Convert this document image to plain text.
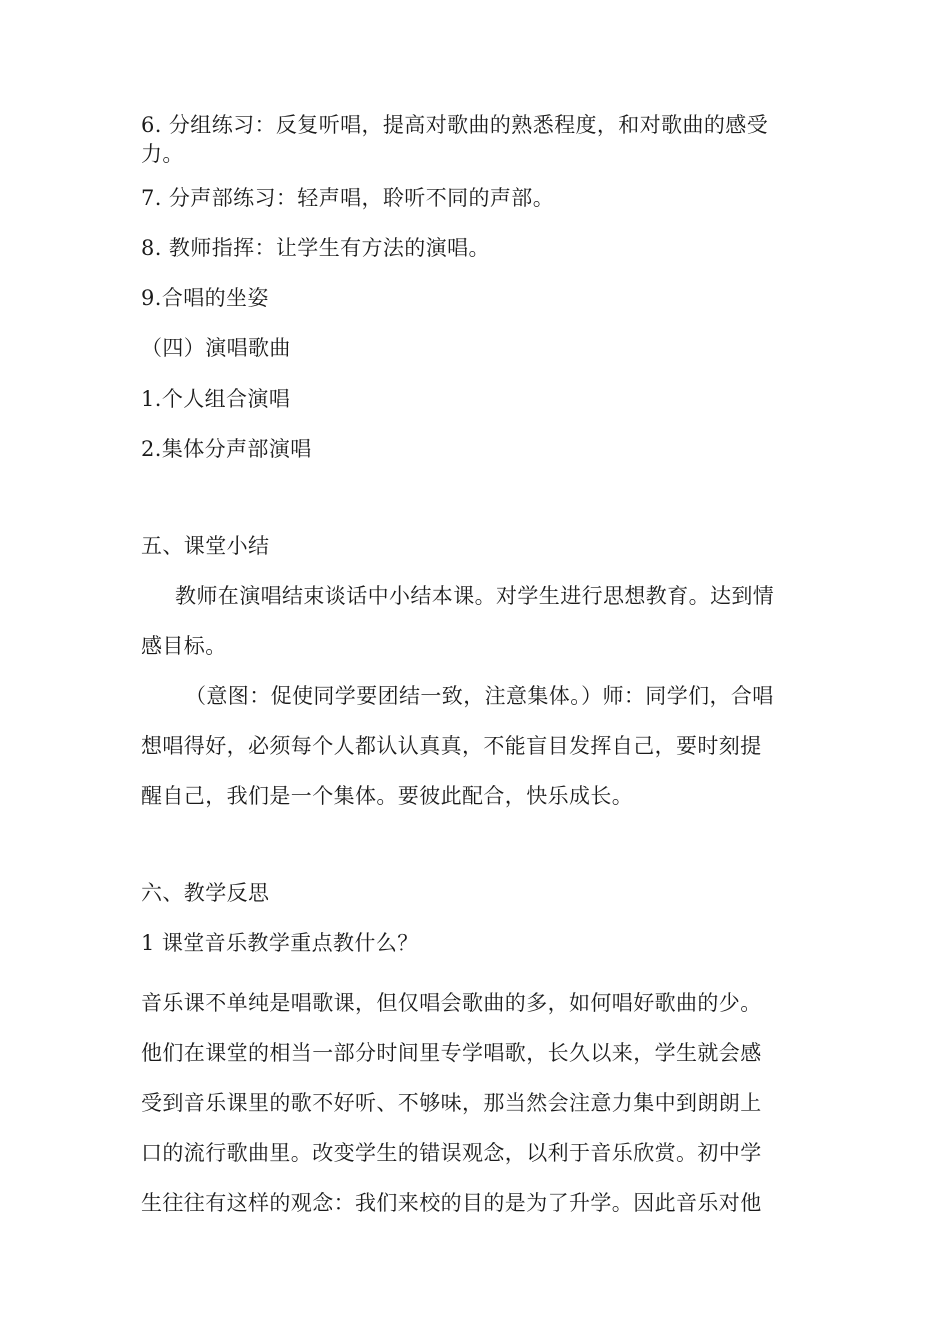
6. 分组练习：反复听唱，提高对歌曲的熟悉程度，和对歌曲的感受
力。
7. 分声部练习：轻声唱，聆听不同的声部。
8. 教师指挥：让学生有方法的演唱。
9.合唱的坐姿
（四）演唱歌曲
1.个人组合演唱
2.集体分声部演唱
五、课堂小结
教师在演唱结束谈话中小结本课。对学生进行思想教育。达到情
感目标。
（意图：促使同学要团结一致，注意集体。）师：同学们，合唱
想唱得好，必须每个人都认认真真，不能盲目发挥自己，要时刻提
醒自己，我们是一个集体。要彼此配合，快乐成长。
六、教学反思
1 课堂音乐教学重点教什么？
音乐课不单纯是唱歌课，但仅唱会歌曲的多，如何唱好歌曲的少。
他们在课堂的相当一部分时间里专学唱歌，长久以来，学生就会感
受到音乐课里的歌不好听、不够味，那当然会注意力集中到朗朗上
口的流行歌曲里。改变学生的错误观念，以利于音乐欣赏。初中学
生往往有这样的观念：我们来校的目的是为了升学。因此音乐对他
